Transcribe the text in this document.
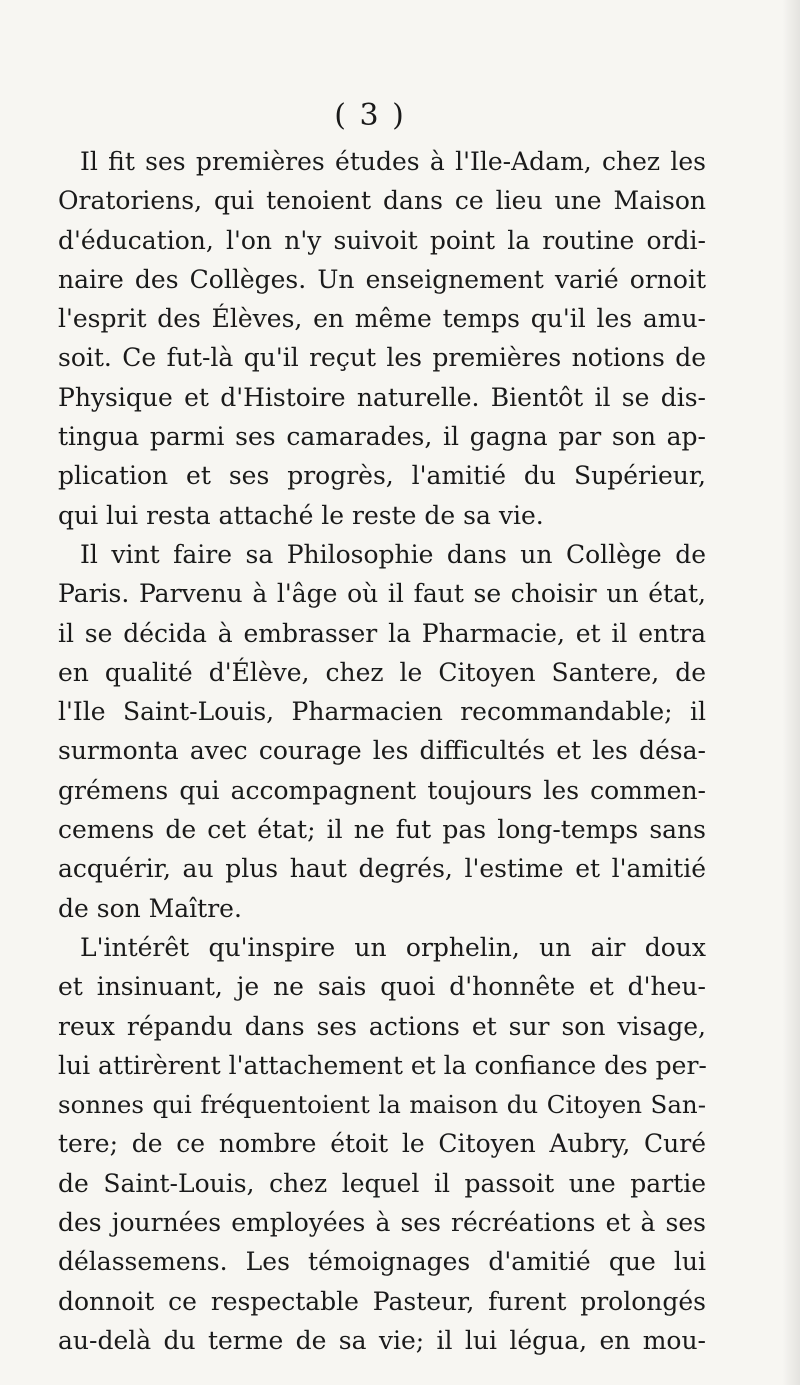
( 3 )
Il fit ses premières études à l'Ile-Adam, chez les
Oratoriens, qui tenoient dans ce lieu une Maison
d'éducation, l'on n'y suivoit point la routine ordi-
naire des Collèges. Un enseignement varié ornoit
l'esprit des Élèves, en même temps qu'il les amu-
soit. Ce fut-là qu'il reçut les premières notions de
Physique et d'Histoire naturelle. Bientôt il se dis-
tingua parmi ses camarades, il gagna par son ap-
plication et ses progrès, l'amitié du Supérieur,
qui lui resta attaché le reste de sa vie.
Il vint faire sa Philosophie dans un Collège de
Paris. Parvenu à l'âge où il faut se choisir un état,
il se décida à embrasser la Pharmacie, et il entra
en qualité d'Élève, chez le Citoyen Santere, de
l'Ile Saint-Louis, Pharmacien recommandable; il
surmonta avec courage les difficultés et les désa-
grémens qui accompagnent toujours les commen-
cemens de cet état; il ne fut pas long-temps sans
acquérir, au plus haut degrés, l'estime et l'amitié
de son Maître.
L'intérêt qu'inspire un orphelin, un air doux
et insinuant, je ne sais quoi d'honnête et d'heu-
reux répandu dans ses actions et sur son visage,
lui attirèrent l'attachement et la confiance des per-
sonnes qui fréquentoient la maison du Citoyen San-
tere; de ce nombre étoit le Citoyen Aubry, Curé
de Saint-Louis, chez lequel il passoit une partie
des journées employées à ses récréations et à ses
délassemens. Les témoignages d'amitié que lui
donnoit ce respectable Pasteur, furent prolongés
au-delà du terme de sa vie; il lui légua, en mou-
